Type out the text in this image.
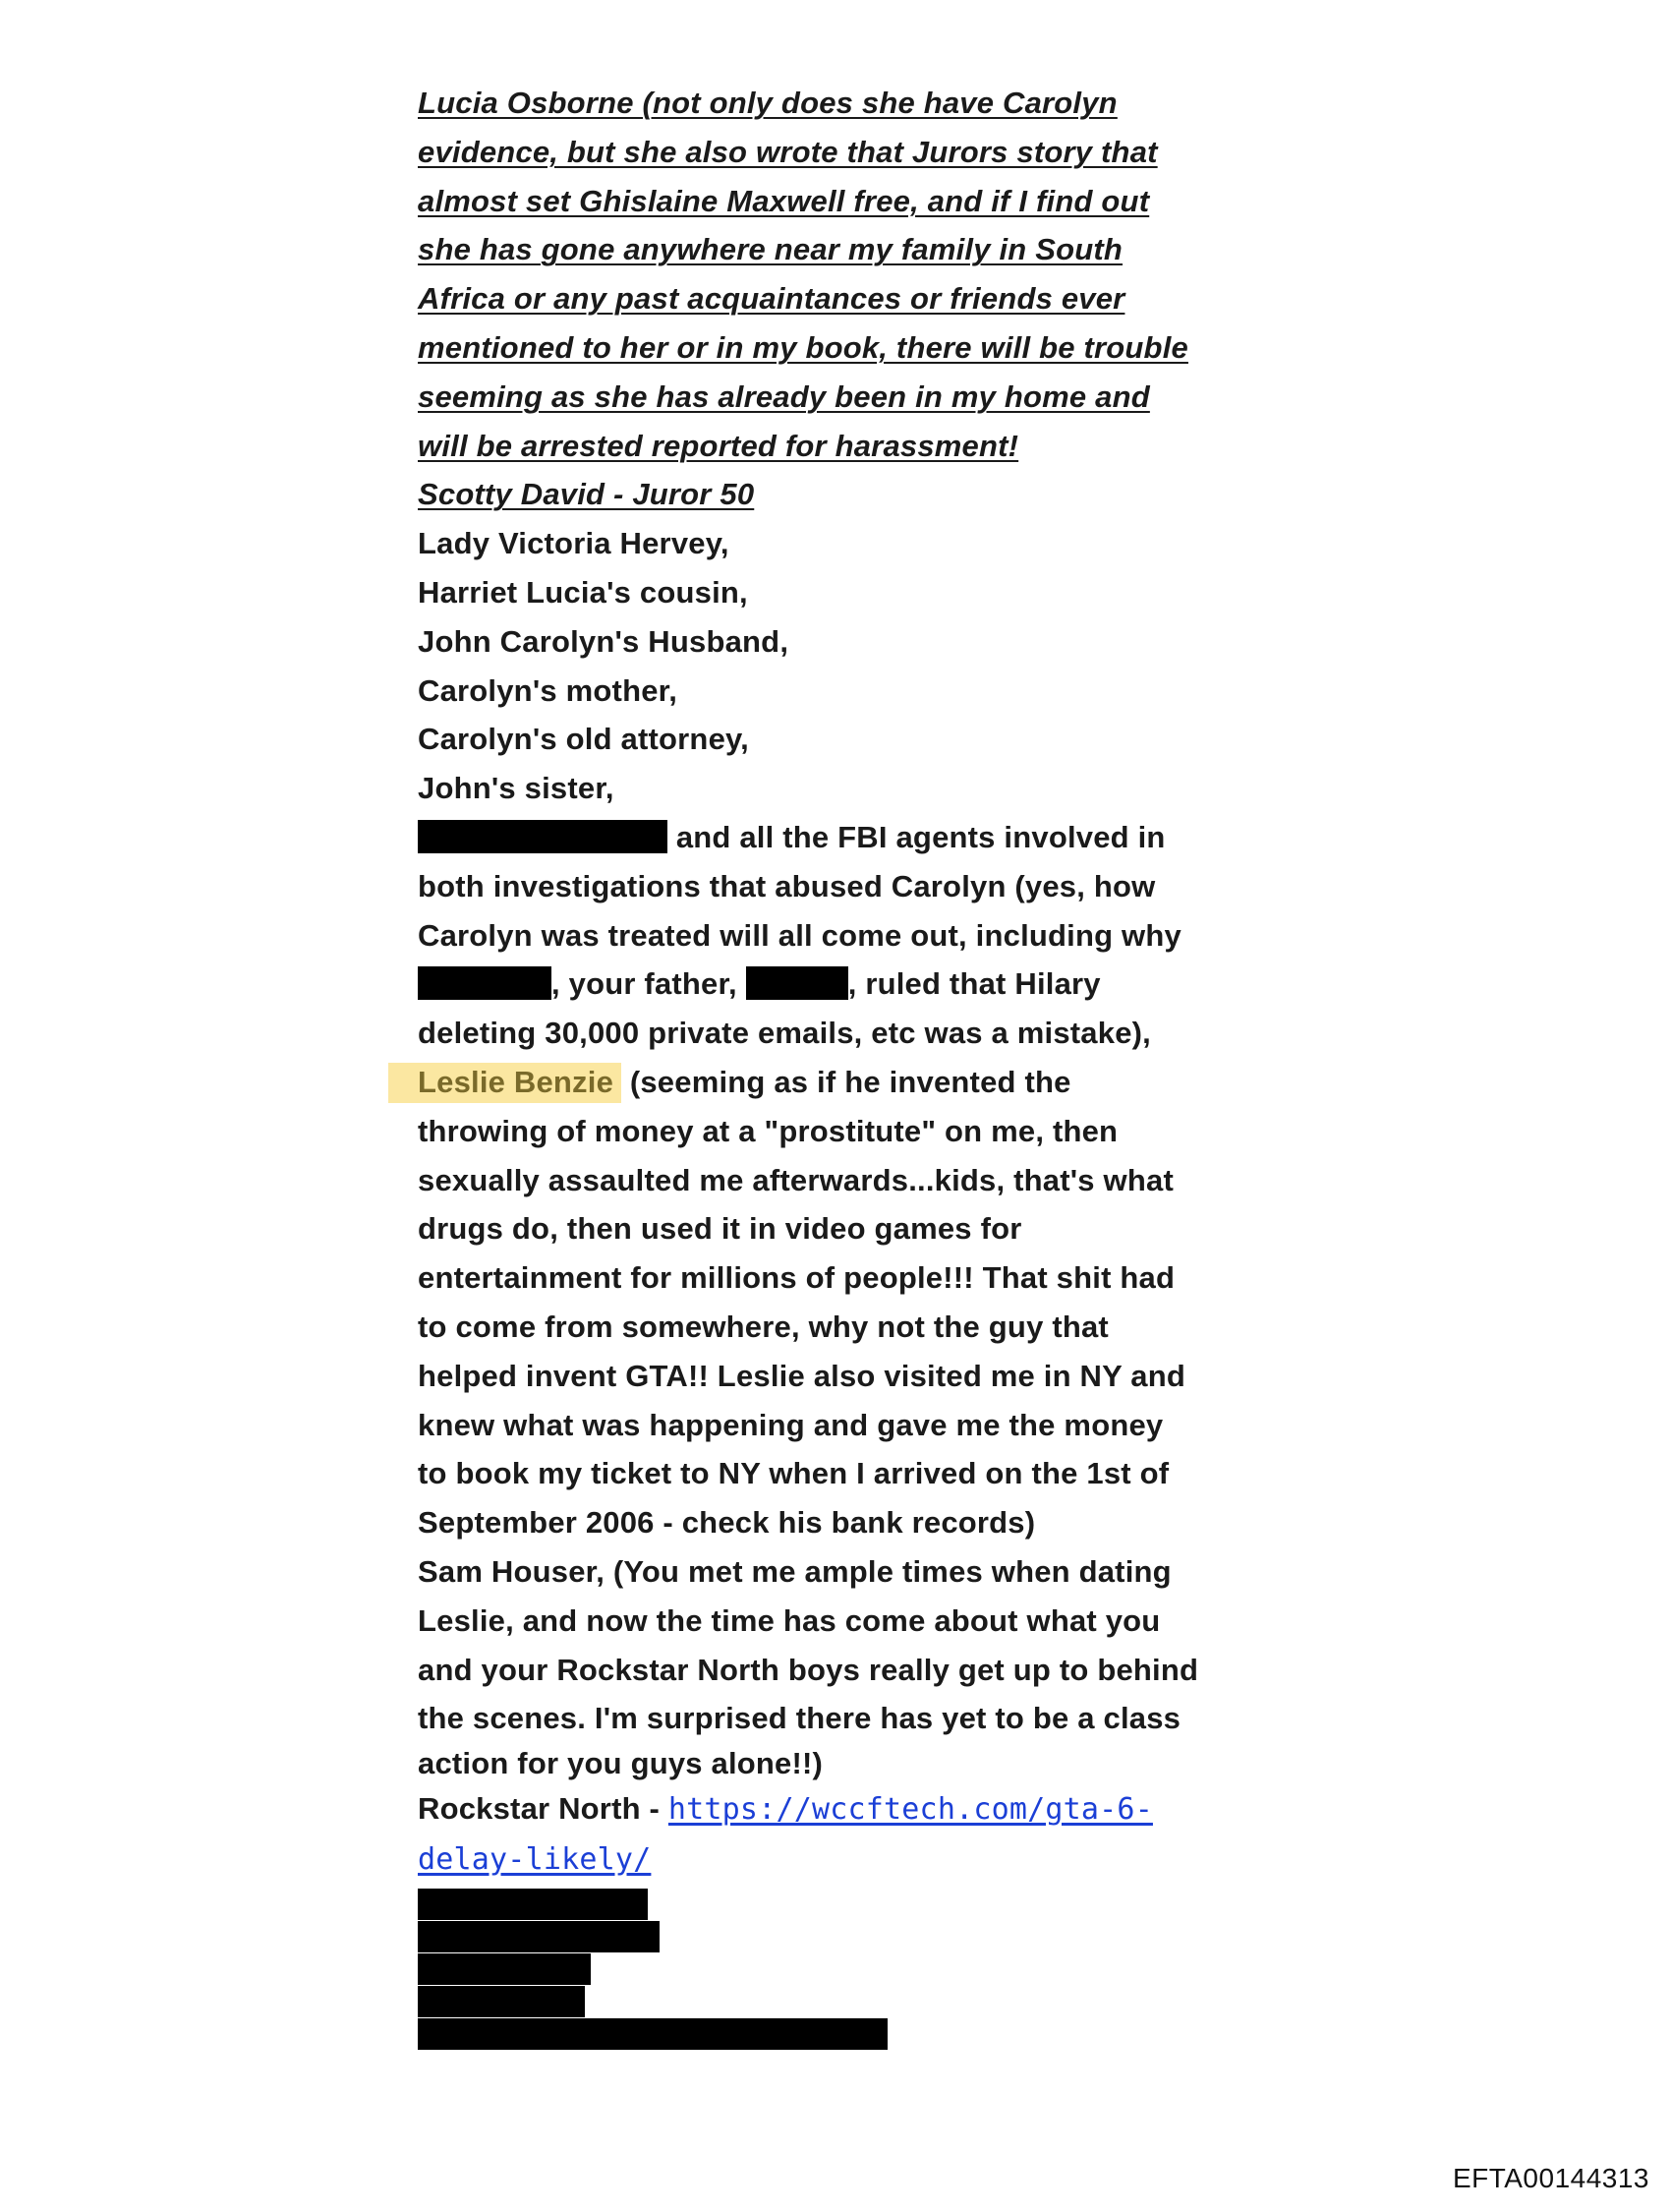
Lucia Osborne (not only does she have Carolyn
evidence, but she also wrote that Jurors story that
almost set Ghislaine Maxwell free, and if I find out
she has gone anywhere near my family in South
Africa or any past acquaintances or friends ever
mentioned to her or in my book, there will be trouble
seeming as she has already been in my home and
will be arrested reported for harassment!
Scotty David - Juror 50
Lady Victoria Hervey,
Harriet Lucia's cousin,
John Carolyn's Husband,
Carolyn's mother,
Carolyn's old attorney,
John's sister,
and all the FBI agents involved in
both investigations that abused Carolyn (yes, how
Carolyn was treated will all come out, including why
, your father,	, ruled that Hilary
deleting 30,000 private emails, etc was a mistake),
Leslie Benzie (seeming as if he invented the
throwing of money at a "prostitute" on me, then
sexually assaulted me afterwards...kids, that's what
drugs do, then used it in video games for
entertainment for millions of people!!! That shit had
to come from somewhere, why not the guy that
helped invent GTA!! Leslie also visited me in NY and
knew what was happening and gave me the money
to book my ticket to NY when I arrived on the 1st of
September 2006 - check his bank records)
Sam Houser, (You met me ample times when dating
Leslie, and now the time has come about what you
and your Rockstar North boys really get up to behind
the scenes. I'm surprised there has yet to be a class
action for you guys alone!!)
Rockstar North - https://wccftech.com/gta-6-
delay-likely/
EFTA00144313
